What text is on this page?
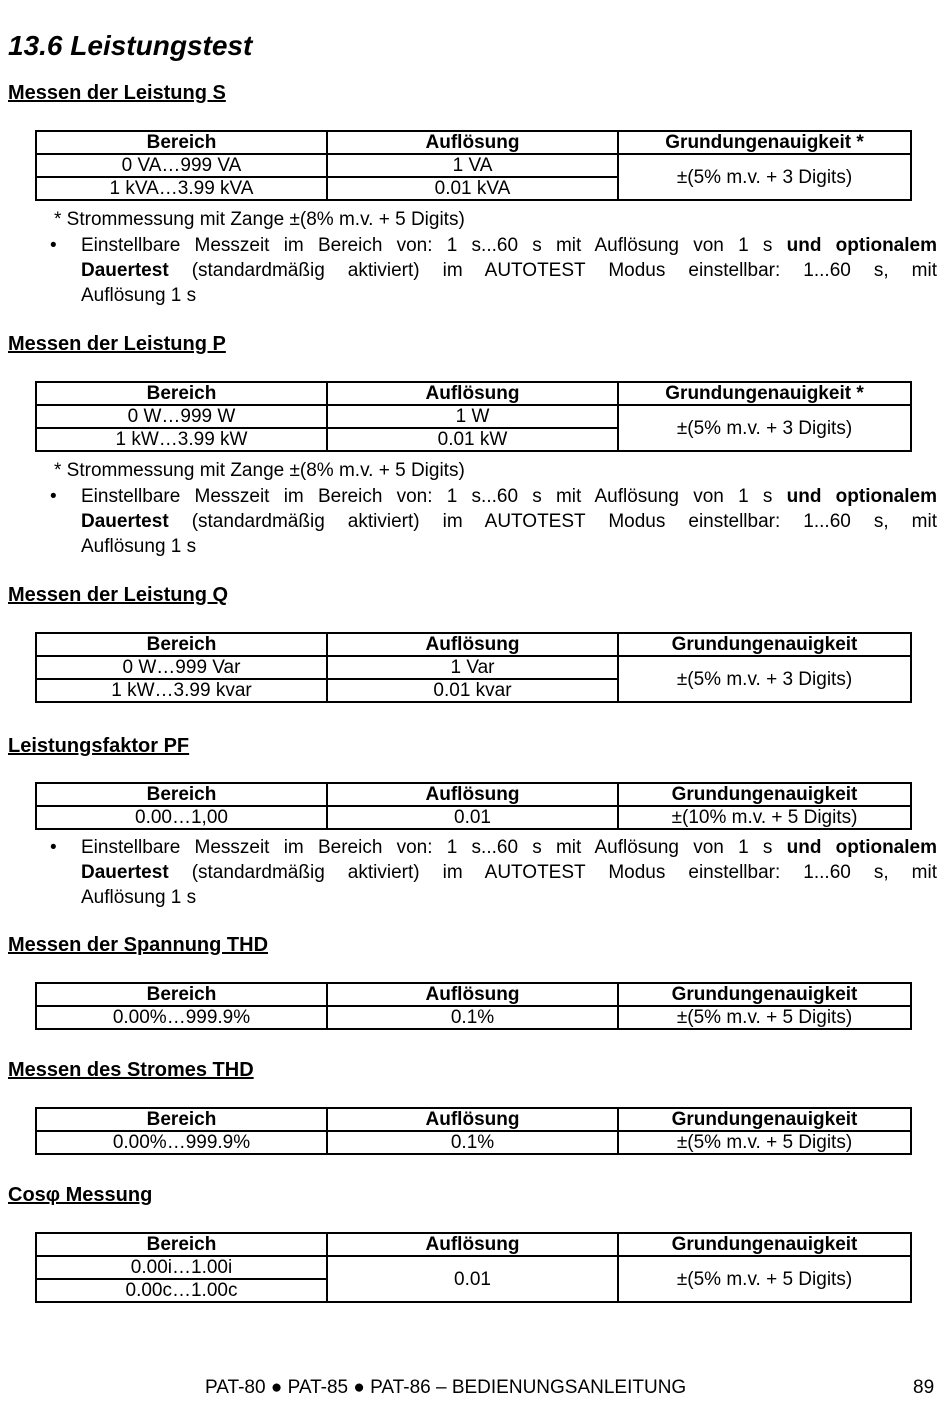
13.6 Leistungstest
Messen der Leistung S
Bereich	Auflösung	Grundungenauigkeit *
0 VA…999 VA	1 VA	±(5% m.v. + 3 Digits)
1 kVA…3.99 kVA	0.01 kVA	

* Strommessung mit Zange ±(8% m.v. + 5 Digits)

• Einstellbare Messzeit im Bereich von: 1 s...60 s mit Auflösung von 1 s und optionalem
Dauertest (standardmäßig aktiviert) im AUTOTEST Modus einstellbar: 1...60 s, mit
Auflösung 1 s
Messen der Leistung P
Bereich	Auflösung	Grundungenauigkeit *
0 W…999 W	1 W	±(5% m.v. + 3 Digits)
1 kW…3.99 kW	0.01 kW	

* Strommessung mit Zange ±(8% m.v. + 5 Digits)

• Einstellbare Messzeit im Bereich von: 1 s...60 s mit Auflösung von 1 s und optionalem
Dauertest (standardmäßig aktiviert) im AUTOTEST Modus einstellbar: 1...60 s, mit
Auflösung 1 s
Messen der Leistung Q
Bereich	Auflösung	Grundungenauigkeit
0 W…999 Var	1 Var	±(5% m.v. + 3 Digits)
1 kW…3.99 kvar	0.01 kvar	
Leistungsfaktor PF
Bereich	Auflösung	Grundungenauigkeit
0.00…1,00	0.01	±(10% m.v. + 5 Digits)
• Einstellbare Messzeit im Bereich von: 1 s...60 s mit Auflösung von 1 s und optionalem
Dauertest (standardmäßig aktiviert) im AUTOTEST Modus einstellbar: 1...60 s, mit
Auflösung 1 s
Messen der Spannung THD
Bereich	Auflösung	Grundungenauigkeit
0.00%…999.9%	0.1%	±(5% m.v. + 5 Digits)
Messen des Stromes THD
Bereich	Auflösung	Grundungenauigkeit
0.00%…999.9%	0.1%	±(5% m.v. + 5 Digits)
Cosφ Messung
Bereich	Auflösung	Grundungenauigkeit
0.00i…1.00i	0.01	±(5% m.v. + 5 Digits)
0.00c…1.00c		
PAT-80 ● PAT-85 ● PAT-86 – BEDIENUNGSANLEITUNG	89
